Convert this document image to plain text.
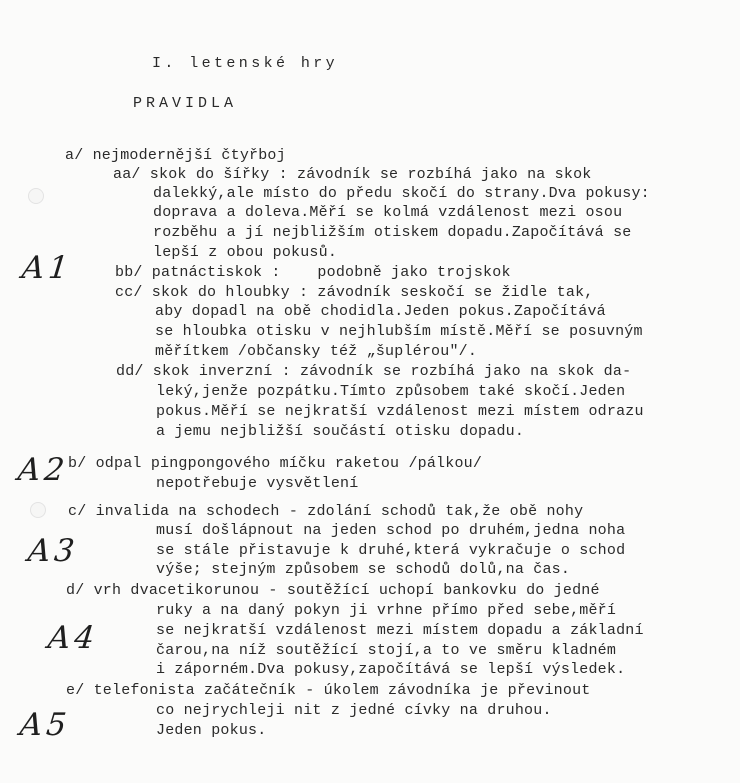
I. letenské hry
PRAVIDLA
a/ nejmodernější čtyřboj
aa/ skok do šířky : závodník se rozbíhá jako na skok
dalekký,ale místo do předu skočí do strany.Dva pokusy:
doprava a doleva.Měří se kolmá vzdálenost mezi osou
rozběhu a jí nejbližším otiskem dopadu.Započítává se
lepší z obou pokusů.
bb/ patnáctiskok :    podobně jako trojskok
cc/ skok do hloubky : závodník seskočí se židle tak,
aby dopadl na obě chodidla.Jeden pokus.Započítává
se hloubka otisku v nejhlubším místě.Měří se posuvným
měřítkem /občansky též „šuplérou"/.
dd/ skok inverzní : závodník se rozbíhá jako na skok da-
leký,jenže pozpátku.Tímto způsobem také skočí.Jeden
pokus.Měří se nejkratší vzdálenost mezi místem odrazu
a jemu nejbližší součástí otisku dopadu.
b/ odpal pingpongového míčku raketou /pálkou/
nepotřebuje vysvětlení
c/ invalida na schodech - zdolání schodů tak,že obě nohy
musí došlápnout na jeden schod po druhém,jedna noha
se stále přistavuje k druhé,která vykračuje o schod
výše; stejným způsobem se schodů dolů,na čas.
d/ vrh dvacetikorunou - soutěžící uchopí bankovku do jedné
ruky a na daný pokyn ji vrhne přímo před sebe,měří
se nejkratší vzdálenost mezi místem dopadu a základní
čarou,na níž soutěžící stojí,a to ve směru kladném
i záporném.Dva pokusy,započítává se lepší výsledek.
e/ telefonista začátečník - úkolem závodníka je převinout
co nejrychleji nit z jedné cívky na druhou.
Jeden pokus.
A1
A2
A3
A4
A5
